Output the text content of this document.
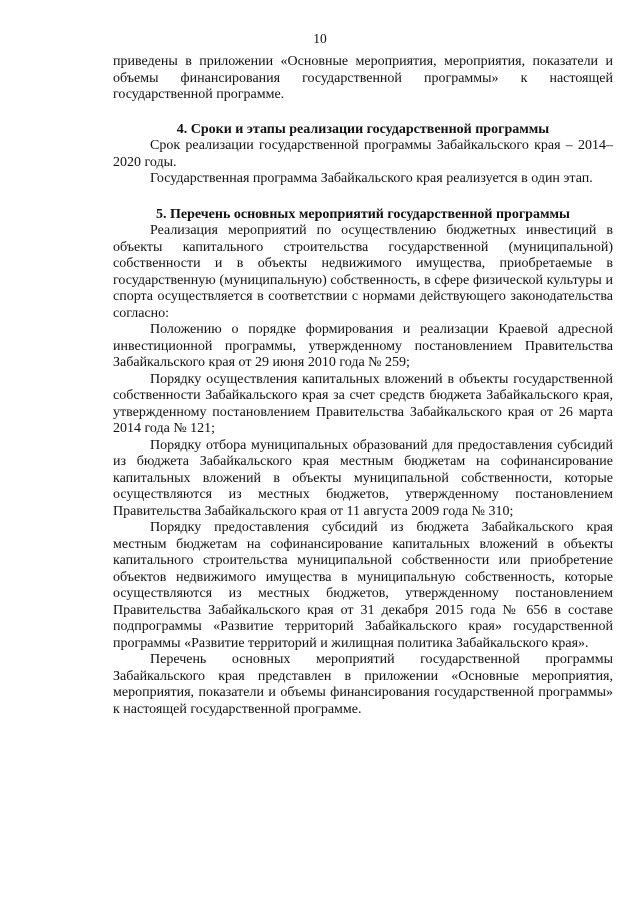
10

приведены в приложении «Основные мероприятия, мероприятия, показатели и объемы финансирования государственной программы» к настоящей государственной программе.

4. Сроки и этапы реализации государственной программы

Срок реализации государственной программы Забайкальского края – 2014–2020 годы.

Государственная программа Забайкальского края реализуется в один этап.

5. Перечень основных мероприятий государственной программы

Реализация мероприятий по осуществлению бюджетных инвестиций в объекты капитального строительства государственной (муниципальной) собственности и в объекты недвижимого имущества, приобретаемые в государственную (муниципальную) собственность, в сфере физической культуры и спорта осуществляется в соответствии с нормами действующего законодательства согласно:

Положению о порядке формирования и реализации Краевой адресной инвестиционной программы, утвержденному постановлением Правительства Забайкальского края от 29 июня 2010 года № 259;

Порядку осуществления капитальных вложений в объекты государственной собственности Забайкальского края за счет средств бюджета Забайкальского края, утвержденному постановлением Правительства Забайкальского края от 26 марта 2014 года № 121;

Порядку отбора муниципальных образований для предоставления субсидий из бюджета Забайкальского края местным бюджетам на софинансирование капитальных вложений в объекты муниципальной собственности, которые осуществляются из местных бюджетов, утвержденному постановлением Правительства Забайкальского края от 11 августа 2009 года № 310;

Порядку предоставления субсидий из бюджета Забайкальского края местным бюджетам на софинансирование капитальных вложений в объекты капитального строительства муниципальной собственности или приобретение объектов недвижимого имущества в муниципальную собственность, которые осуществляются из местных бюджетов, утвержденному постановлением Правительства Забайкальского края от 31 декабря 2015 года № 656 в составе подпрограммы «Развитие территорий Забайкальского края» государственной программы «Развитие территорий и жилищная политика Забайкальского края».

Перечень основных мероприятий государственной программы Забайкальского края представлен в приложении «Основные мероприятия, мероприятия, показатели и объемы финансирования государственной программы» к настоящей государственной программе.
